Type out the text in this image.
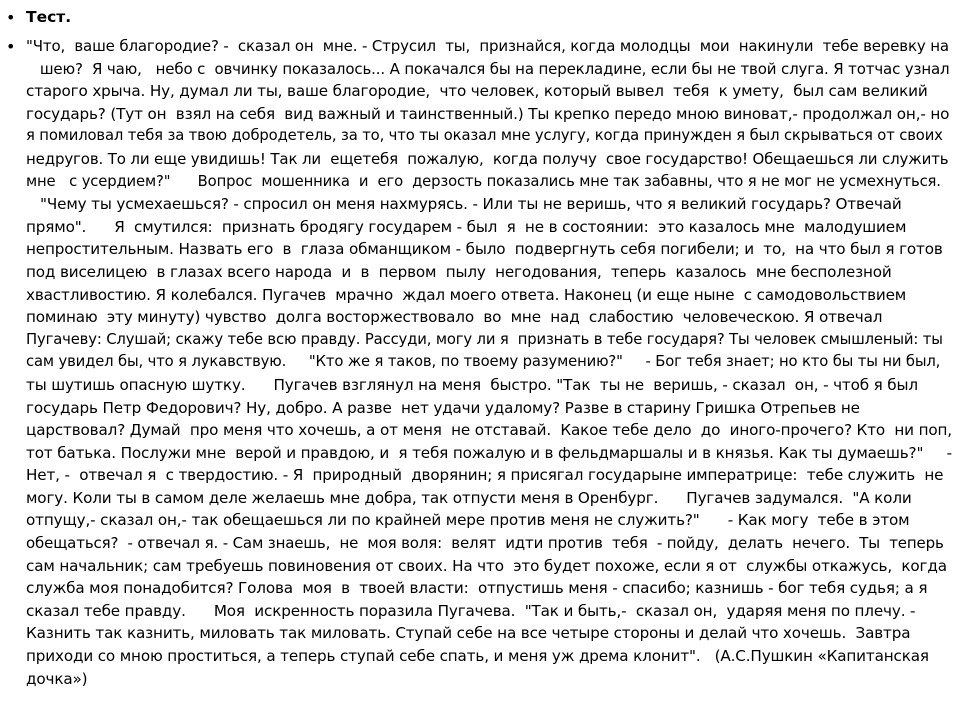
• Тест.
• "Что,  ваше благородие? -  сказал он  мне. - Струсил  ты,  признайся, когда молодцы  мои  накинули  тебе веревку на
шею?  Я чаю,   небо с  овчинку показалось... А покачался бы на перекладине, если бы не твой слуга. Я тотчас узнал
старого хрыча. Ну, думал ли ты, ваше благородие,  что человек, который вывел  тебя  к умету,  был сам великий
государь? (Тут он  взял на себя  вид важный и таинственный.) Ты крепко передо мною виноват,- продолжал он,- но
я помиловал тебя за твою добродетель, за то, что ты оказал мне услугу, когда принужден я был скрываться от своих
недругов. То ли еще увидишь! Так ли  ещетебя  пожалую,  когда получу  свое государство! Обещаешься ли служить
мне   с усердием?"      Вопрос  мошенника  и  его  дерзость показались мне так забавны, что я не мог не усмехнуться.
"Чему ты усмехаешься? - спросил он меня нахмурясь. - Или ты не веришь, что я великий государь? Отвечай
прямо".      Я  смутился:  признать бродягу государем - был  я  не в состоянии:  это казалось мне  малодушием
непростительным. Назвать его  в  глаза обманщиком - было  подвергнуть себя погибели; и  то,  на что был я готов
под виселицею  в глазах всего народа  и  в  первом  пылу  негодования,  теперь  казалось  мне бесполезной
хвастливостию. Я колебался. Пугачев  мрачно  ждал моего ответа. Наконец (и еще ныне  с самодовольствием
поминаю  эту минуту) чувство  долга восторжествовало  во  мне  над  слабостию  человеческою. Я отвечал
Пугачеву: Слушай; скажу тебе всю правду. Рассуди, могу ли я  признать в тебе государя? Ты человек смышленый: ты
сам увидел бы, что я лукавствую.     "Кто же я таков, по твоему разумению?"     - Бог тебя знает; но кто бы ты ни был,
ты шутишь опасную шутку.      Пугачев взглянул на меня  быстро. "Так  ты не  веришь, - сказал  он, - чтоб я был
государь Петр Федорович? Ну, добро. А разве  нет удачи удалому? Разве в старину Гришка Отрепьев не
царствовал? Думай  про меня что хочешь, а от меня  не отставай.  Какое тебе дело  до  иного-прочего? Кто  ни поп,
тот батька. Послужи мне  верой и правдою, и  я тебя пожалую и в фельдмаршалы и в князья. Как ты думаешь?"     -
Нет, -  отвечал я  с твердостию. - Я  природный  дворянин; я присягал государыне императрице:  тебе служить  не
могу. Коли ты в самом деле желаешь мне добра, так отпусти меня в Оренбург.      Пугачев задумался.  "А коли
отпущу,- сказал он,- так обещаешься ли по крайней мере против меня не служить?"      - Как могу  тебе в этом
обещаться?  - отвечал я. - Сам знаешь,  не  моя воля:  велят  идти против  тебя  - пойду,  делать  нечего.  Ты  теперь
сам начальник; сам требуешь повиновения от своих. На что  это будет похоже, если я от  службы откажусь,  когда
служба моя понадобится? Голова  моя  в  твоей власти:  отпустишь меня - спасибо; казнишь - бог тебя судья; а я
сказал тебе правду.      Моя  искренность поразила Пугачева.  "Так и быть,-  сказал он,  ударяя меня по плечу. -
Казнить так казнить, миловать так миловать. Ступай себе на все четыре стороны и делай что хочешь.  Завтра
приходи со мною проститься, а теперь ступай себе спать, и меня уж дрема клонит".   (А.С.Пушкин «Капитанская
дочка»)
